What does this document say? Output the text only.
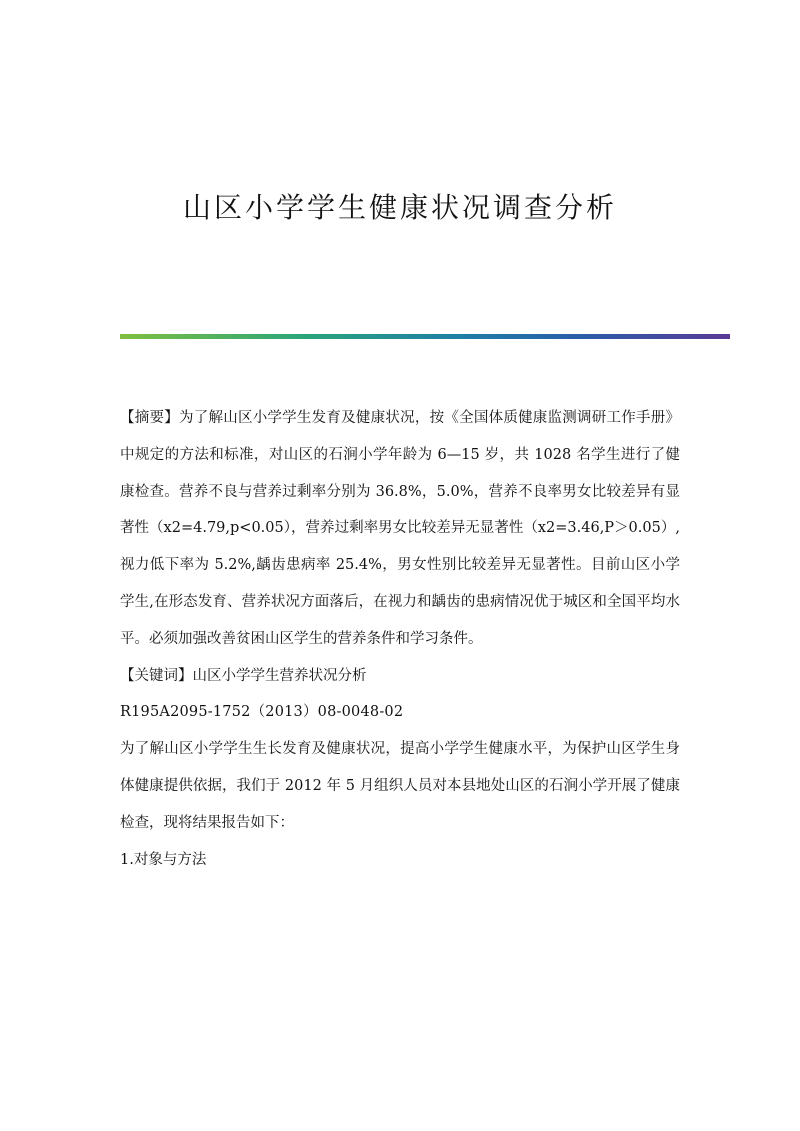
山区小学学生健康状况调查分析

【摘要】为了解山区小学学生发育及健康状况，按《全国体质健康监测调研工作手册》中规定的方法和标准，对山区的石涧小学年龄为 6—15 岁，共 1028 名学生进行了健康检查。营养不良与营养过剩率分别为 36.8%，5.0%，营养不良率男女比较差异有显著性（x2=4.79,p<0.05），营养过剩率男女比较差异无显著性（x2=3.46,P＞0.05）,视力低下率为 5.2%,龋齿患病率 25.4%，男女性别比较差异无显著性。目前山区小学学生,在形态发育、营养状况方面落后，在视力和龋齿的患病情况优于城区和全国平均水平。必须加强改善贫困山区学生的营养条件和学习条件。

【关键词】山区小学学生营养状况分析

R195A2095-1752（2013）08-0048-02

为了解山区小学学生生长发育及健康状况，提高小学学生健康水平，为保护山区学生身体健康提供依据，我们于 2012 年 5 月组织人员对本县地处山区的石涧小学开展了健康检查，现将结果报告如下：

1.对象与方法
